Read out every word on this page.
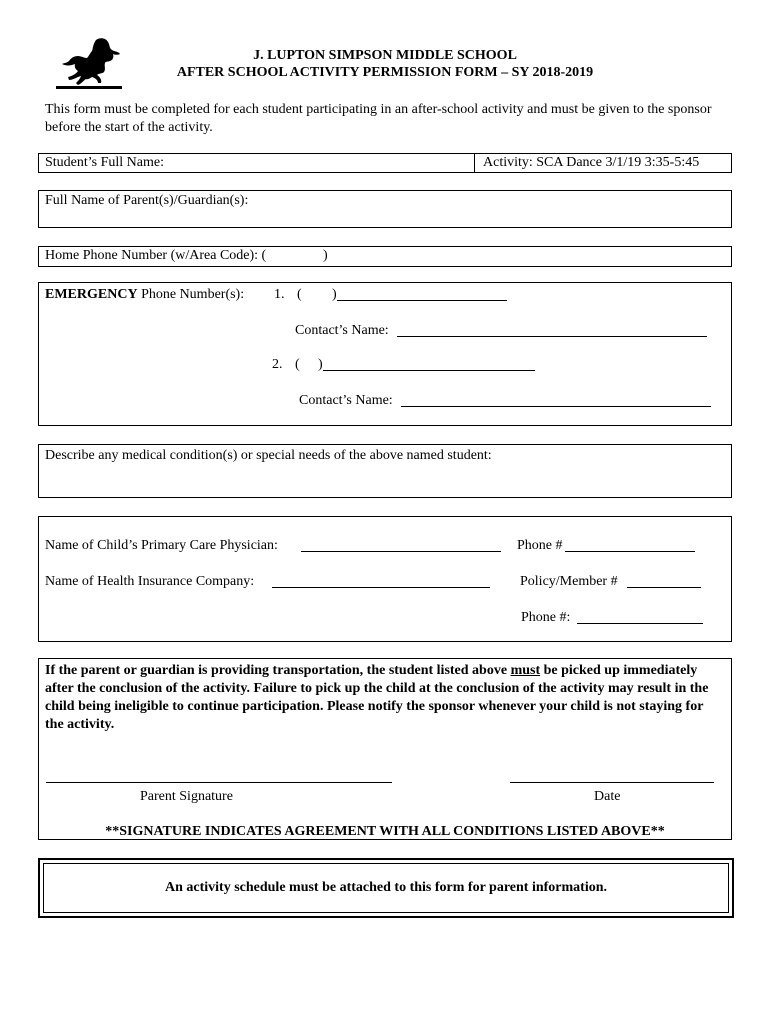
J. LUPTON SIMPSON MIDDLE SCHOOL
AFTER SCHOOL ACTIVITY PERMISSION FORM – SY 2018-2019
This form must be completed for each student participating in an after-school activity and must be given to the sponsor before the start of the activity.
Student’s Full Name:	Activity: SCA Dance 3/1/19 3:35-5:45
Full Name of Parent(s)/Guardian(s):
Home Phone Number (w/Area Code): (	)
EMERGENCY Phone Number(s): 1. ( )
Contact’s Name:
2. ( )
Contact’s Name:
Describe any medical condition(s) or special needs of the above named student:
Name of Child’s Primary Care Physician:	Phone #
Name of Health Insurance Company:	Policy/Member #
Phone #:
If the parent or guardian is providing transportation, the student listed above must be picked up immediately after the conclusion of the activity. Failure to pick up the child at the conclusion of the activity may result in the child being ineligible to continue participation. Please notify the sponsor whenever your child is not staying for the activity.
Parent Signature	Date
**SIGNATURE INDICATES AGREEMENT WITH ALL CONDITIONS LISTED ABOVE**
An activity schedule must be attached to this form for parent information.
